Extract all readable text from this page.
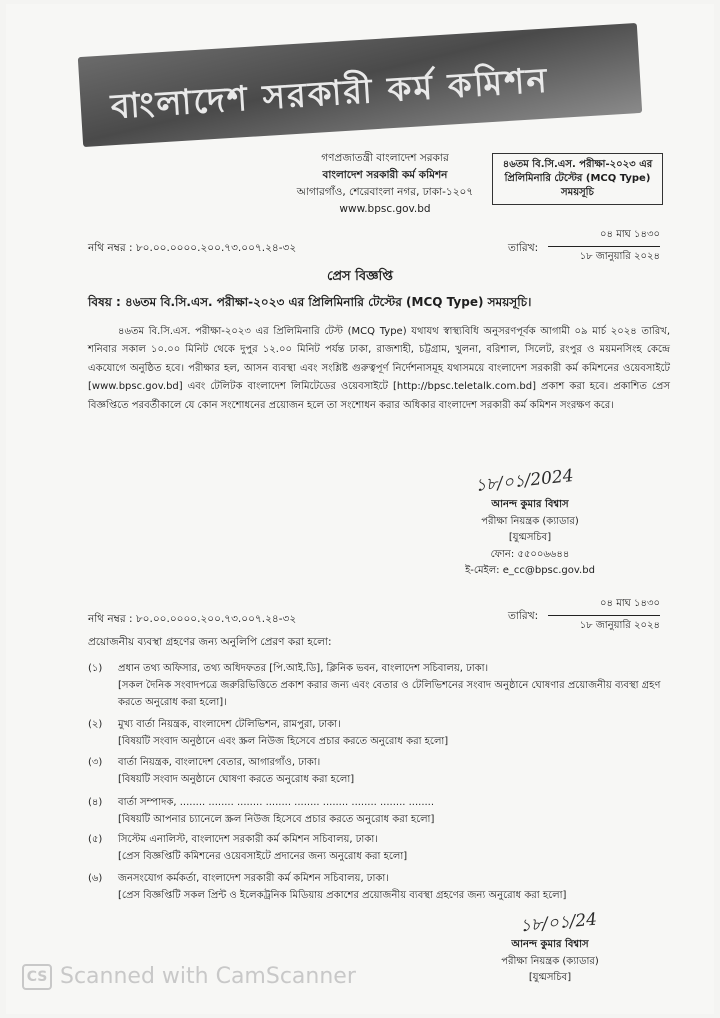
বাংলাদেশ সরকারী কর্ম কমিশন
গণপ্রজাতন্ত্রী বাংলাদেশ সরকার
বাংলাদেশ সরকারী কর্ম কমিশন
আগারগাঁও, শেরেবাংলা নগর, ঢাকা-১২০৭
www.bpsc.gov.bd
৪৬তম বি.সি.এস. পরীক্ষা-২০২৩ এর
প্রিলিমিনারি টেস্টের (MCQ Type)
সময়সূচি
নথি নম্বর : ৮০.০০.০০০০.২০০.৭৩.০০৭.২৪-৩২	তারিখ:
০৪ মাঘ ১৪৩০
১৮ জানুয়ারি ২০২৪
প্রেস বিজ্ঞপ্তি
বিষয় : ৪৬তম বি.সি.এস. পরীক্ষা-২০২৩ এর প্রিলিমিনারি টেস্টের (MCQ Type) সময়সূচি।
৪৬তম বি.সি.এস. পরীক্ষা-২০২৩ এর প্রিলিমিনারি টেস্ট (MCQ Type) যথাযথ স্বাস্থ্যবিধি অনুসরণপূর্বক আগামী ০৯ মার্চ ২০২৪ তারিখ, শনিবার সকাল ১০.০০ মিনিট থেকে দুপুর ১২.০০ মিনিট পর্যন্ত ঢাকা, রাজশাহী, চট্টগ্রাম, খুলনা, বরিশাল, সিলেট, রংপুর ও ময়মনসিংহ কেন্দ্রে একযোগে অনুষ্ঠিত হবে। পরীক্ষার হল, আসন ব্যবস্থা এবং সংশ্লিষ্ট গুরুত্বপূর্ণ নির্দেশনাসমূহ যথাসময়ে বাংলাদেশ সরকারী কর্ম কমিশনের ওয়েবসাইটে [www.bpsc.gov.bd] এবং টেলিটক বাংলাদেশ লিমিটেডের ওয়েবসাইটে [http://bpsc.teletalk.com.bd] প্রকাশ করা হবে। প্রকাশিত প্রেস বিজ্ঞপ্তিতে পরবর্তীকালে যে কোন সংশোধনের প্রয়োজন হলে তা সংশোধন করার অধিকার বাংলাদেশ সরকারী কর্ম কমিশন সংরক্ষণ করে।
১৮/০১/2024
আনন্দ কুমার বিশ্বাস
পরীক্ষা নিয়ন্ত্রক (ক্যাডার)
[যুগ্মসচিব]
ফোন: ৫৫০০৬৬৪৪
ই-মেইল: e_cc@bpsc.gov.bd
নথি নম্বর : ৮০.০০.০০০০.২০০.৭৩.০০৭.২৪-৩২	তারিখ:
০৪ মাঘ ১৪৩০
১৮ জানুয়ারি ২০২৪
প্রয়োজনীয় ব্যবস্থা গ্রহণের জন্য অনুলিপি প্রেরণ করা হলো:
(১)	প্রধান তথ্য অফিসার, তথ্য অধিদফতর [পি.আই.ডি], ক্লিনিক ভবন, বাংলাদেশ সচিবালয়, ঢাকা।
[সকল দৈনিক সংবাদপত্রে জরুরিভিত্তিতে প্রকাশ করার জন্য এবং বেতার ও টেলিভিশনের সংবাদ অনুষ্ঠানে ঘোষণার প্রয়োজনীয় ব্যবস্থা গ্রহণ করতে অনুরোধ করা হলো]।
(২)	মুখ্য বার্তা নিয়ন্ত্রক, বাংলাদেশ টেলিভিশন, রামপুরা, ঢাকা।
[বিষয়টি সংবাদ অনুষ্ঠানে এবং স্ক্রল নিউজ হিসেবে প্রচার করতে অনুরোধ করা হলো]
(৩)	বার্তা নিয়ন্ত্রক, বাংলাদেশ বেতার, আগারগাঁও, ঢাকা।
[বিষয়টি সংবাদ অনুষ্ঠানে ঘোষণা করতে অনুরোধ করা হলো]
(৪)	বার্তা সম্পাদক, ........ ........ ........ ........ ........ ........ ........ ........ ........
[বিষয়টি আপনার চ্যানেলে স্ক্রল নিউজ হিসেবে প্রচার করতে অনুরোধ করা হলো]
(৫)	সিস্টেম এনালিস্ট, বাংলাদেশ সরকারী কর্ম কমিশন সচিবালয়, ঢাকা।
[প্রেস বিজ্ঞপ্তিটি কমিশনের ওয়েবসাইটে প্রদানের জন্য অনুরোধ করা হলো]
(৬)	জনসংযোগ কর্মকর্তা, বাংলাদেশ সরকারী কর্ম কমিশন সচিবালয়, ঢাকা।
[প্রেস বিজ্ঞপ্তিটি সকল প্রিন্ট ও ইলেকট্রনিক মিডিয়ায় প্রকাশের প্রয়োজনীয় ব্যবস্থা গ্রহণের জন্য অনুরোধ করা হলো]
১৮/০১/24
আনন্দ কুমার বিশ্বাস
পরীক্ষা নিয়ন্ত্রক (ক্যাডার)
[যুগ্মসচিব]
CS Scanned with CamScanner
